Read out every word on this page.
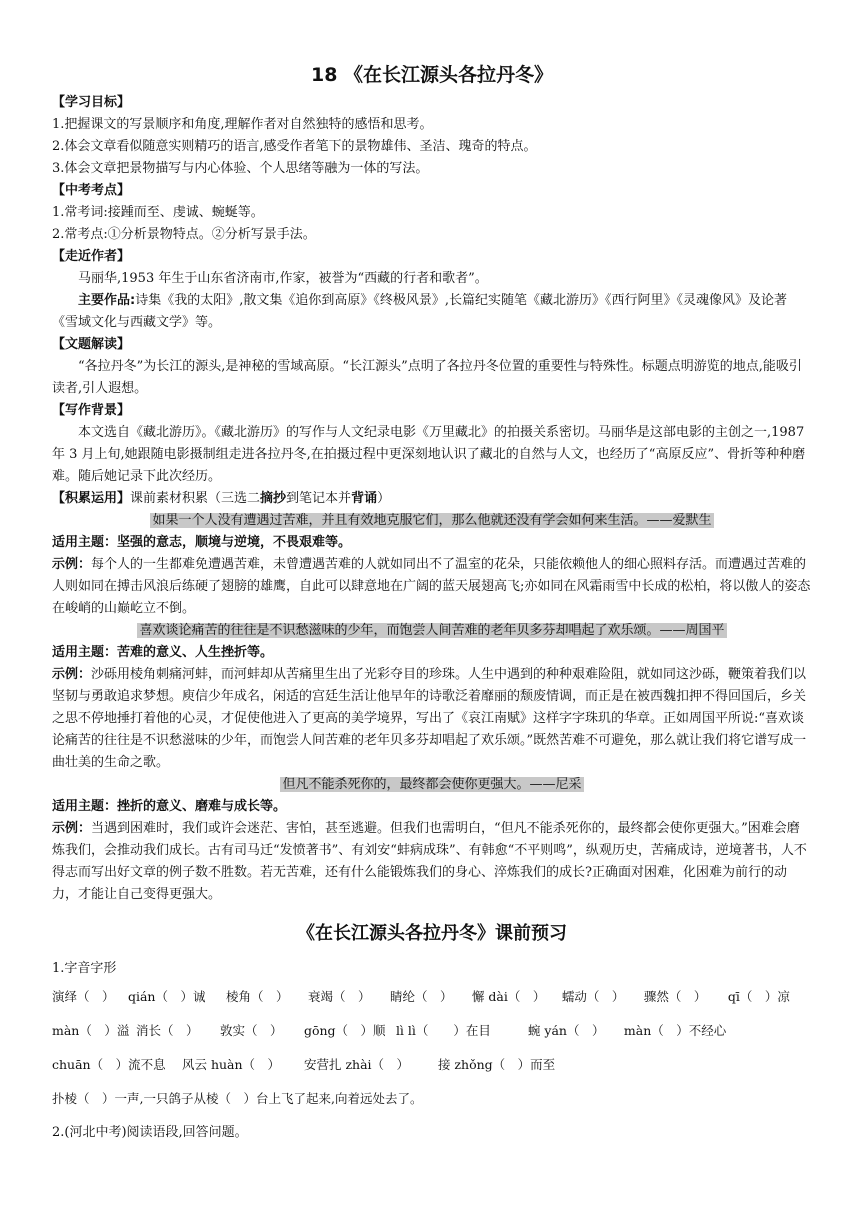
18 《在长江源头各拉丹冬》
【学习目标】
1.把握课文的写景顺序和角度,理解作者对自然独特的感悟和思考。
2.体会文章看似随意实则精巧的语言,感受作者笔下的景物雄伟、圣洁、瑰奇的特点。
3.体会文章把景物描写与内心体验、个人思绪等融为一体的写法。
【中考考点】
1.常考词:接踵而至、虔诚、蜿蜒等。
2.常考点:①分析景物特点。②分析写景手法。
【走近作者】
马丽华,1953 年生于山东省济南市,作家，被誉为“西藏的行者和歌者”。
主要作品:诗集《我的太阳》,散文集《追你到高原》《终极风景》,长篇纪实随笔《藏北游历》《西行阿里》《灵魂像风》及论著《雪域文化与西藏文学》等。
【文题解读】
“各拉丹冬”为长江的源头,是神秘的雪域高原。“长江源头”点明了各拉丹冬位置的重要性与特殊性。标题点明游览的地点,能吸引读者,引人遐想。
【写作背景】
本文选自《藏北游历》。《藏北游历》的写作与人文纪录电影《万里藏北》的拍摄关系密切。马丽华是这部电影的主创之一,1987 年 3 月上旬,她跟随电影摄制组走进各拉丹冬,在拍摄过程中更深刻地认识了藏北的自然与人文，也经历了“高原反应”、骨折等种种磨难。随后她记录下此次经历。
【积累运用】课前素材积累（三选二摘抄到笔记本并背诵）
如果一个人没有遭遇过苦难，并且有效地克服它们，那么他就还没有学会如何来生活。——爱默生
适用主题：坚强的意志，顺境与逆境，不畏艰难等。
示例：每个人的一生都难免遭遇苦难，未曾遭遇苦难的人就如同出不了温室的花朵，只能依赖他人的细心照料存活。而遭遇过苦难的人则如同在搏击风浪后练硬了翅膀的雄鹰，自此可以肆意地在广阔的蓝天展翅高飞;亦如同在风霜雨雪中长成的松柏，将以傲人的姿态在峻峭的山巅屹立不倒。
喜欢谈论痛苦的往往是不识愁滋味的少年，而饱尝人间苦难的老年贝多芬却唱起了欢乐颂。——周国平
适用主题：苦难的意义、人生挫折等。
示例：沙砾用棱角刺痛河蚌，而河蚌却从苦痛里生出了光彩夺目的珍珠。人生中遇到的种种艰难险阻，就如同这沙砾，鞭策着我们以坚韧与勇敢追求梦想。庾信少年成名，闲适的宫廷生活让他早年的诗歌泛着靡丽的颓废情调，而正是在被西魏扣押不得回国后，乡关之思不停地捶打着他的心灵，才促使他进入了更高的美学境界，写出了《哀江南赋》这样字字珠玑的华章。正如周国平所说:“喜欢谈论痛苦的往往是不识愁滋味的少年，而饱尝人间苦难的老年贝多芬却唱起了欢乐颂。”既然苦难不可避免，那么就让我们将它谱写成一曲壮美的生命之歌。
但凡不能杀死你的，最终都会使你更强大。——尼采
适用主题：挫折的意义、磨难与成长等。
示例：当遇到困难时，我们或许会迷茫、害怕，甚至逃避。但我们也需明白，“但凡不能杀死你的，最终都会使你更强大。”困难会磨炼我们，会推动我们成长。古有司马迁“发愤著书”、有刘安“蚌病成珠”、有韩愈“不平则鸣”，纵观历史，苦痛成诗，逆境著书，人不得志而写出好文章的例子数不胜数。若无苦难，还有什么能锻炼我们的身心、淬炼我们的成长?正确面对困难，化困难为前行的动力，才能让自己变得更强大。
《在长江源头各拉丹冬》课前预习
1.字音字形
演绎（　） qián（　）诚 棱角（　） 衰竭（　） 睛纶（　） 懈 dài（　） 蠕动（　） 骤然（　） qī（　）凉
màn（　）溢 消长（　） 敦实（　） gōng（　）顺 lì lì（　　）在目	蜿 yán（　） màn（　）不经心
chuān（　）流不息 风云 huàn（　） 安营扎 zhài（　） 接 zhǒng（　）而至
扑棱（　）一声,一只鸽子从棱（　）台上飞了起来,向着远处去了。
2.(河北中考)阅读语段,回答问题。
